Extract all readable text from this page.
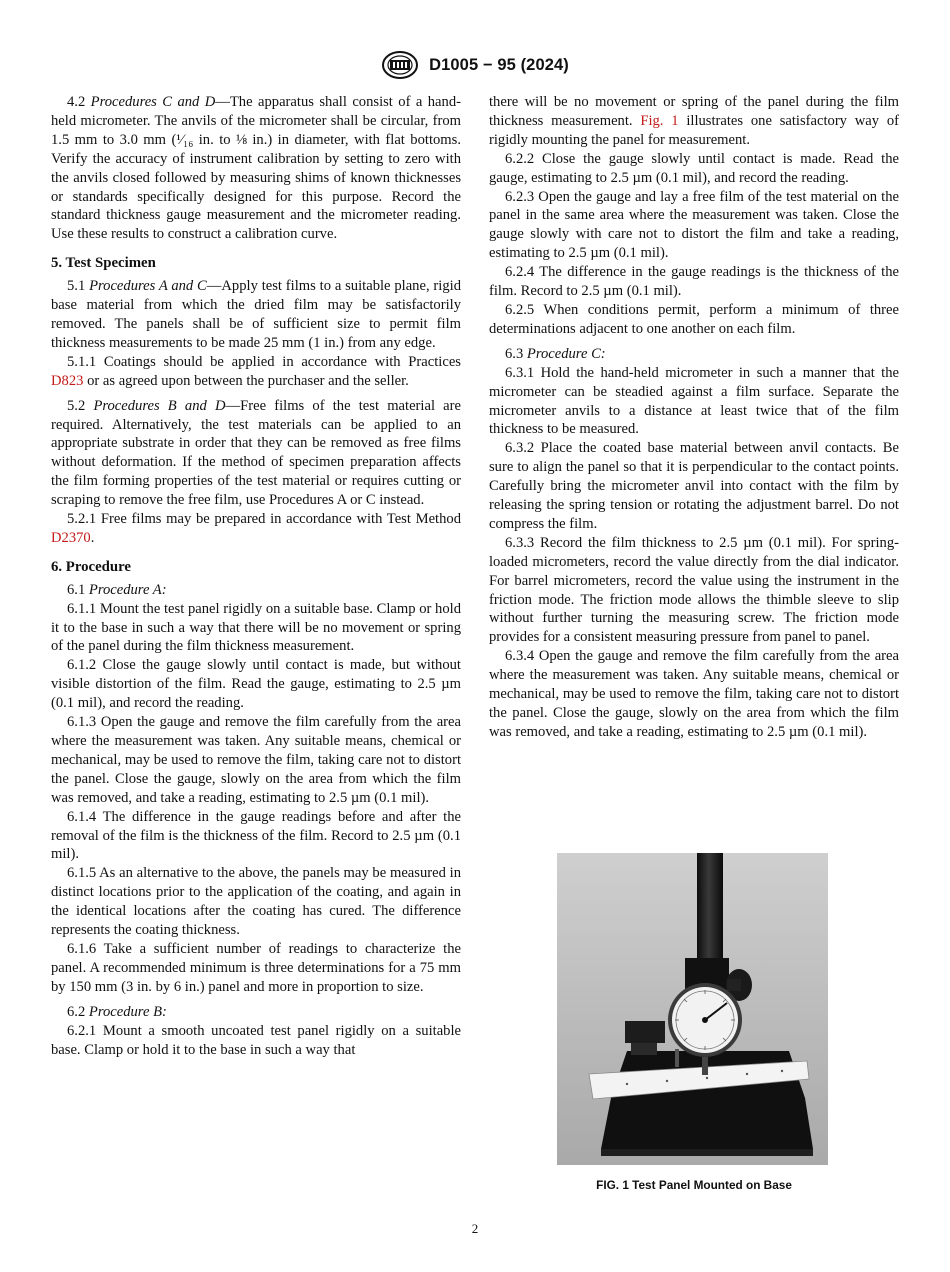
D1005 − 95 (2024)

4.2 Procedures C and D—The apparatus shall consist of a hand-held micrometer. The anvils of the micrometer shall be circular, from 1.5 mm to 3.0 mm (¹⁄₁₆ in. to ⅛ in.) in diameter, with flat bottoms. Verify the accuracy of instrument calibration by setting to zero with the anvils closed followed by measuring shims of known thicknesses or standards specifically designed for this purpose. Record the standard thickness gauge measurement and the micrometer reading. Use these results to construct a calibration curve.

5. Test Specimen

5.1 Procedures A and C—Apply test films to a suitable plane, rigid base material from which the dried film may be satisfactorily removed. The panels shall be of sufficient size to permit film thickness measurements to be made 25 mm (1 in.) from any edge.

5.1.1 Coatings should be applied in accordance with Practices D823 or as agreed upon between the purchaser and the seller.

5.2 Procedures B and D—Free films of the test material are required. Alternatively, the test materials can be applied to an appropriate substrate in order that they can be removed as free films without deformation. If the method of specimen preparation affects the film forming properties of the test material or requires cutting or scraping to remove the free film, use Procedures A or C instead.

5.2.1 Free films may be prepared in accordance with Test Method D2370.

6. Procedure

6.1 Procedure A:

6.1.1 Mount the test panel rigidly on a suitable base. Clamp or hold it to the base in such a way that there will be no movement or spring of the panel during the film thickness measurement.

6.1.2 Close the gauge slowly until contact is made, but without visible distortion of the film. Read the gauge, estimating to 2.5 µm (0.1 mil), and record the reading.

6.1.3 Open the gauge and remove the film carefully from the area where the measurement was taken. Any suitable means, chemical or mechanical, may be used to remove the film, taking care not to distort the panel. Close the gauge, slowly on the area from which the film was removed, and take a reading, estimating to 2.5 µm (0.1 mil).

6.1.4 The difference in the gauge readings before and after the removal of the film is the thickness of the film. Record to 2.5 µm (0.1 mil).

6.1.5 As an alternative to the above, the panels may be measured in distinct locations prior to the application of the coating, and again in the identical locations after the coating has cured. The difference represents the coating thickness.

6.1.6 Take a sufficient number of readings to characterize the panel. A recommended minimum is three determinations for a 75 mm by 150 mm (3 in. by 6 in.) panel and more in proportion to size.

6.2 Procedure B:

6.2.1 Mount a smooth uncoated test panel rigidly on a suitable base. Clamp or hold it to the base in such a way that

there will be no movement or spring of the panel during the film thickness measurement. Fig. 1 illustrates one satisfactory way of rigidly mounting the panel for measurement.

6.2.2 Close the gauge slowly until contact is made. Read the gauge, estimating to 2.5 µm (0.1 mil), and record the reading.

6.2.3 Open the gauge and lay a free film of the test material on the panel in the same area where the measurement was taken. Close the gauge slowly with care not to distort the film and take a reading, estimating to 2.5 µm (0.1 mil).

6.2.4 The difference in the gauge readings is the thickness of the film. Record to 2.5 µm (0.1 mil).

6.2.5 When conditions permit, perform a minimum of three determinations adjacent to one another on each film.

6.3 Procedure C:

6.3.1 Hold the hand-held micrometer in such a manner that the micrometer can be steadied against a film surface. Separate the micrometer anvils to a distance at least twice that of the film thickness to be measured.

6.3.2 Place the coated base material between anvil contacts. Be sure to align the panel so that it is perpendicular to the contact points. Carefully bring the micrometer anvil into contact with the film by releasing the spring tension or rotating the adjustment barrel. Do not compress the film.

6.3.3 Record the film thickness to 2.5 µm (0.1 mil). For spring-loaded micrometers, record the value directly from the dial indicator. For barrel micrometers, record the value using the instrument in the friction mode. The friction mode allows the thimble sleeve to slip without further turning the measuring screw. The friction mode provides for a consistent measuring pressure from panel to panel.

6.3.4 Open the gauge and remove the film carefully from the area where the measurement was taken. Any suitable means, chemical or mechanical, may be used to remove the film, taking care not to distort the panel. Close the gauge, slowly on the area from which the film was removed, and take a reading, estimating to 2.5 µm (0.1 mil).

FIG. 1 Test Panel Mounted on Base
2
